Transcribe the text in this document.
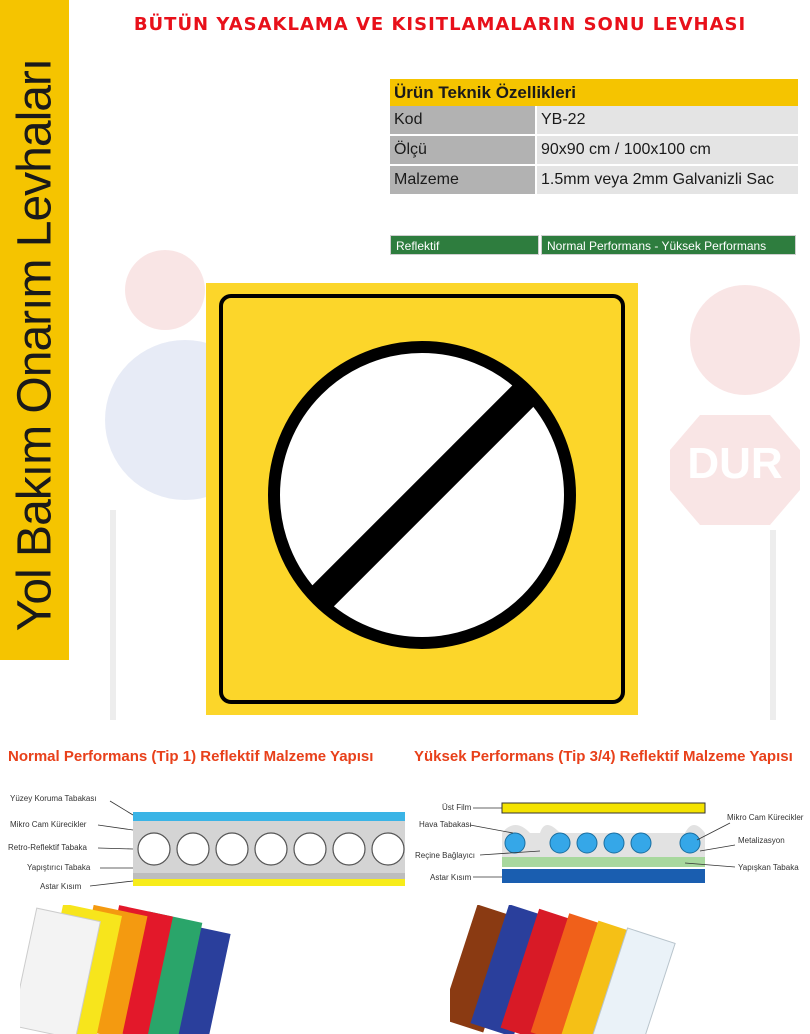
Yol Bakım Onarım Levhaları
BÜTÜN YASAKLAMA VE KISITLAMALARIN SONU LEVHASI
Ürün Teknik Özellikleri	
Kod	YB-22
Ölçü	90x90 cm / 100x100 cm
Malzeme	1.5mm veya 2mm Galvanizli Sac
Reflektif	Normal Performans - Yüksek Performans
DUR
Normal Performans (Tip 1) Reflektif Malzeme Yapısı	Yüksek Performans (Tip 3/4) Reflektif Malzeme Yapısı
Yüzey Koruma Tabakası
Mikro Cam Kürecikler
Retro-Reflektif Tabaka
Yapıştırıcı Tabaka
Astar Kısım
Üst Film
Hava Tabakası
Reçine Bağlayıcı
Astar Kısım
Mikro Cam Kürecikler
Metalizasyon
Yapışkan Tabaka
